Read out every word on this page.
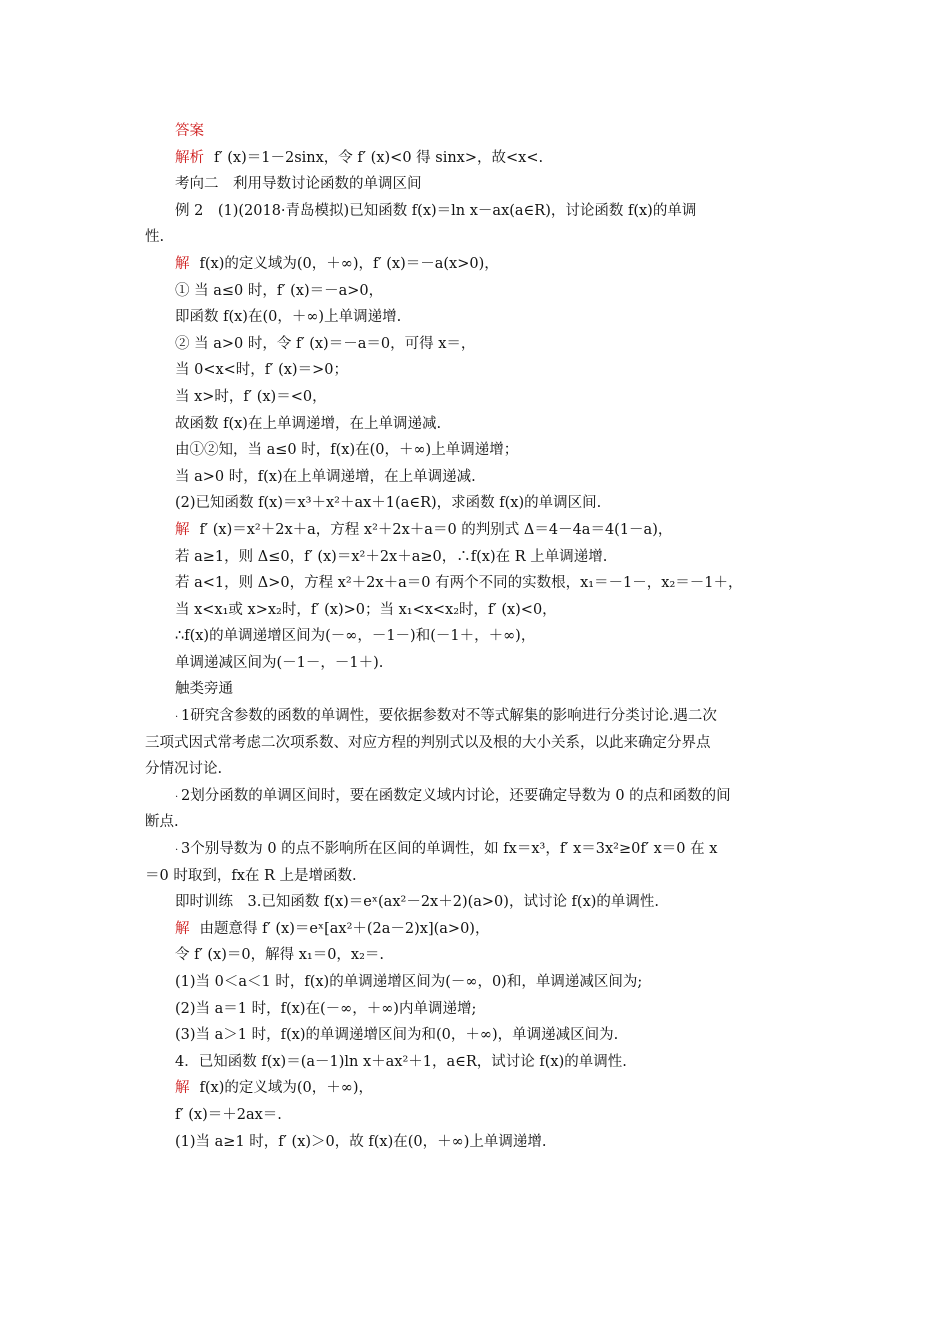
答案
解析 f′ (x)＝1－2sinx，令 f′ (x)<0 得 sinx>，故<x<.
考向二　利用导数讨论函数的单调区间
例 2　(1)(2018·青岛模拟)已知函数 f(x)＝ln x－ax(a∈R)，讨论函数 f(x)的单调
性.
解 f(x)的定义域为(0，＋∞)，f′ (x)＝－a(x>0)，
① 当 a≤0 时，f′ (x)＝－a>0，
即函数 f(x)在(0，＋∞)上单调递增.
② 当 a>0 时，令 f′ (x)＝－a＝0，可得 x＝，
当 0<x<时，f′ (x)＝>0；
当 x>时，f′ (x)＝<0，
故函数 f(x)在上单调递增，在上单调递减.
由①②知，当 a≤0 时，f(x)在(0，＋∞)上单调递增；
当 a>0 时，f(x)在上单调递增，在上单调递减.
(2)已知函数 f(x)＝x³＋x²＋ax＋1(a∈R)，求函数 f(x)的单调区间.
解 f′ (x)＝x²＋2x＋a，方程 x²＋2x＋a＝0 的判别式 Δ＝4－4a＝4(1－a)，
若 a≥1，则 Δ≤0，f′ (x)＝x²＋2x＋a≥0，∴f(x)在 R 上单调递增.
若 a<1，则 Δ>0，方程 x²＋2x＋a＝0 有两个不同的实数根，x₁＝－1－，x₂＝－1＋，
当 x<x₁或 x>x₂时，f′ (x)>0；当 x₁<x<x₂时，f′ (x)<0，
∴f(x)的单调递增区间为(－∞，－1－)和(－1＋，＋∞)，
单调递减区间为(－1－，－1＋).
触类旁通
. 1研究含参数的函数的单调性，要依据参数对不等式解集的影响进行分类讨论.遇二次
三项式因式常考虑二次项系数、对应方程的判别式以及根的大小关系，以此来确定分界点
分情况讨论.
. 2划分函数的单调区间时，要在函数定义域内讨论，还要确定导数为 0 的点和函数的间
断点.
. 3个别导数为 0 的点不影响所在区间的单调性，如 fx＝x³，f′ x＝3x²≥0f′ x＝0 在 x
＝0 时取到，fx在 R 上是增函数.
即时训练　3.已知函数 f(x)＝eˣ(ax²－2x＋2)(a>0)，试讨论 f(x)的单调性.
解 由题意得 f′ (x)＝eˣ[ax²＋(2a－2)x](a>0)，
令 f′ (x)＝0，解得 x₁＝0，x₂＝.
(1)当 0＜a＜1 时，f(x)的单调递增区间为(－∞，0)和，单调递减区间为;
(2)当 a＝1 时，f(x)在(－∞，＋∞)内单调递增;
(3)当 a＞1 时，f(x)的单调递增区间为和(0，＋∞)，单调递减区间为.
4．已知函数 f(x)＝(a－1)ln x＋ax²＋1，a∈R，试讨论 f(x)的单调性.
解 f(x)的定义域为(0，＋∞)，
f′ (x)＝＋2ax＝.
(1)当 a≥1 时，f′ (x)＞0，故 f(x)在(0，＋∞)上单调递增.
